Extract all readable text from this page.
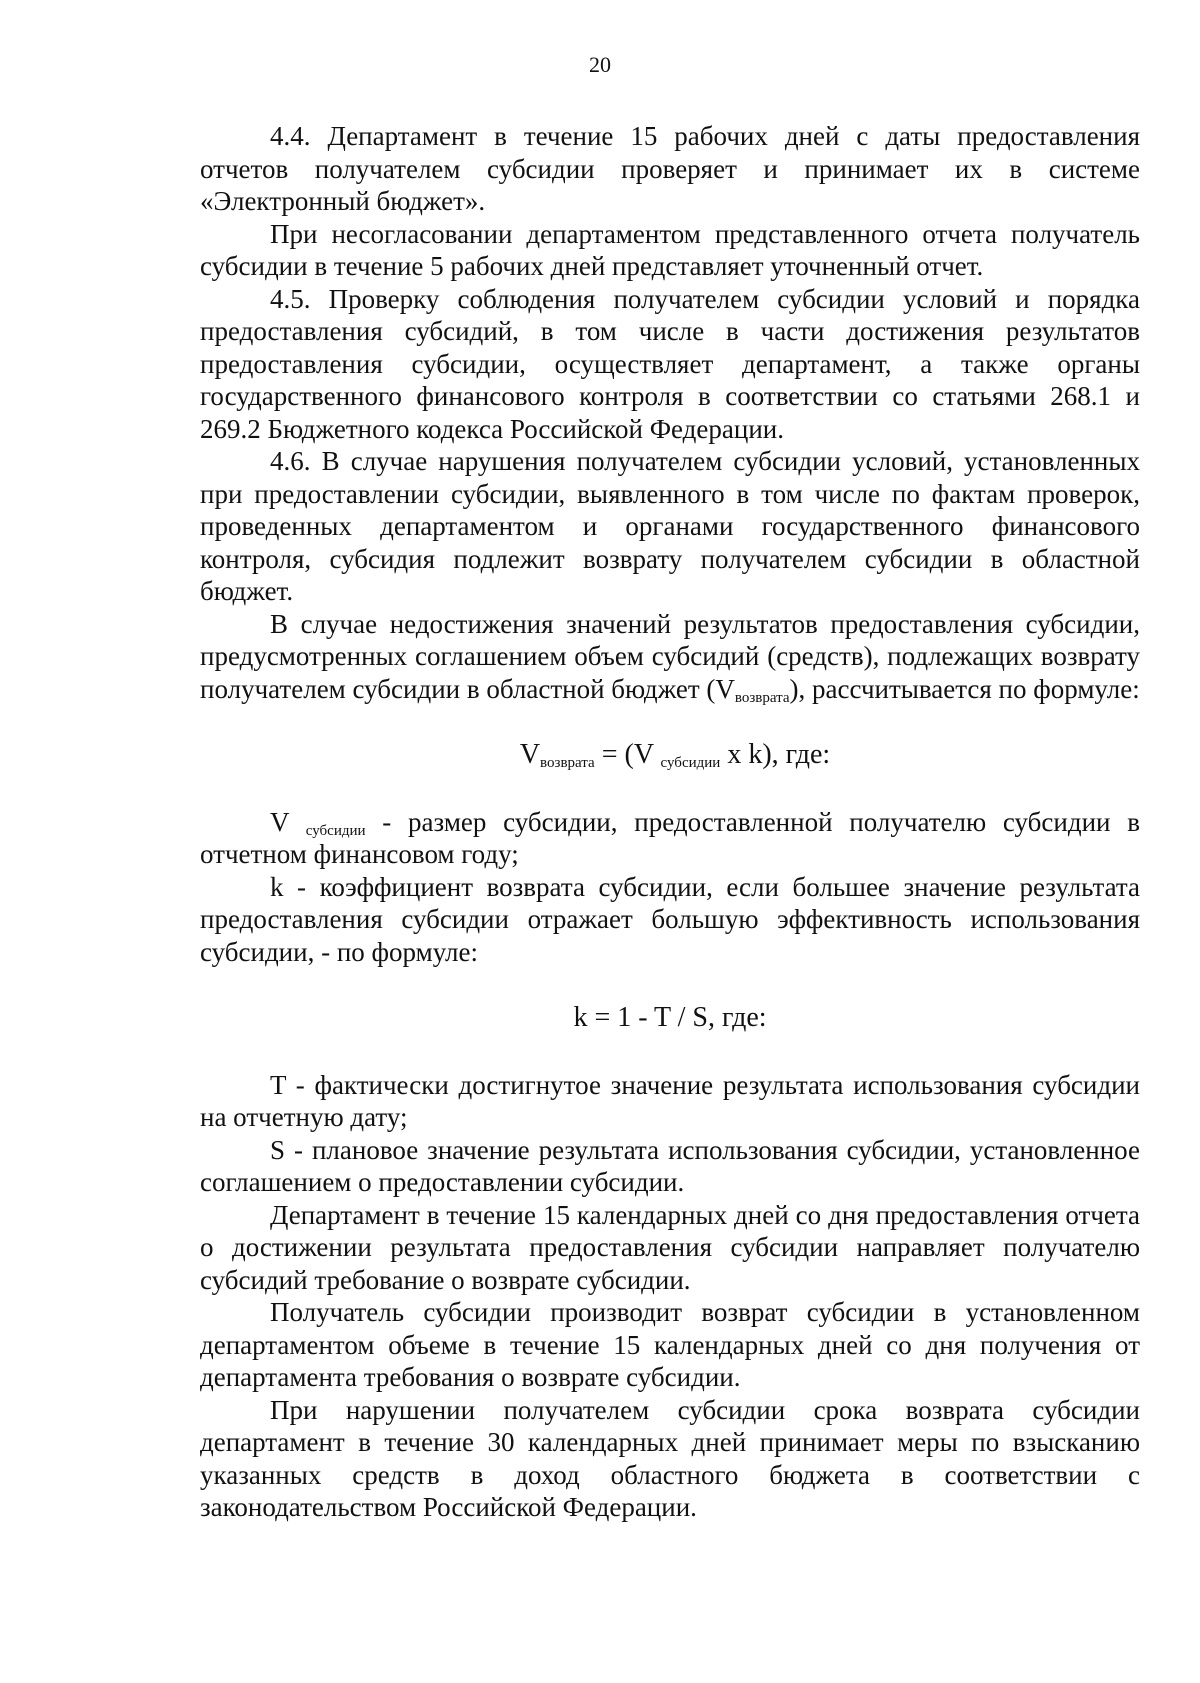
20

4.4. Департамент в течение 15 рабочих дней с даты предоставления отчетов получателем субсидии проверяет и принимает их в системе «Электронный бюджет».

При несогласовании департаментом представленного отчета получатель субсидии в течение 5 рабочих дней представляет уточненный отчет.

4.5. Проверку соблюдения получателем субсидии условий и порядка предоставления субсидий, в том числе в части достижения результатов предоставления субсидии, осуществляет департамент, а также органы государственного финансового контроля в соответствии со статьями 268.1 и 269.2 Бюджетного кодекса Российской Федерации.

4.6. В случае нарушения получателем субсидии условий, установленных при предоставлении субсидии, выявленного в том числе по фактам проверок, проведенных департаментом и органами государственного финансового контроля, субсидия подлежит возврату получателем субсидии в областной бюджет.

В случае недостижения значений результатов предоставления субсидии, предусмотренных соглашением объем субсидий (средств), подлежащих возврату получателем субсидии в областной бюджет $(V_{возврата})$, рассчитывается по формуле:

$V_{возврата} = (V$ $_{субсидии}$ x k), где:

V $_{субсидии}$ - размер субсидии, предоставленной получателю субсидии в отчетном финансовом году;

k - коэффициент возврата субсидии, если большее значение результата предоставления субсидии отражает большую эффективность использования субсидии, - по формуле:

k = 1 - T / S, где:

T - фактически достигнутое значение результата использования субсидии на отчетную дату;

S - плановое значение результата использования субсидии, установленное соглашением о предоставлении субсидии.

Департамент в течение 15 календарных дней со дня предоставления отчета о достижении результата предоставления субсидии направляет получателю субсидий требование о возврате субсидии.

Получатель субсидии производит возврат субсидии в установленном департаментом объеме в течение 15 календарных дней со дня получения от департамента требования о возврате субсидии.

При нарушении получателем субсидии срока возврата субсидии департамент в течение 30 календарных дней принимает меры по взысканию указанных средств в доход областного бюджета в соответствии с законодательством Российской Федерации.
